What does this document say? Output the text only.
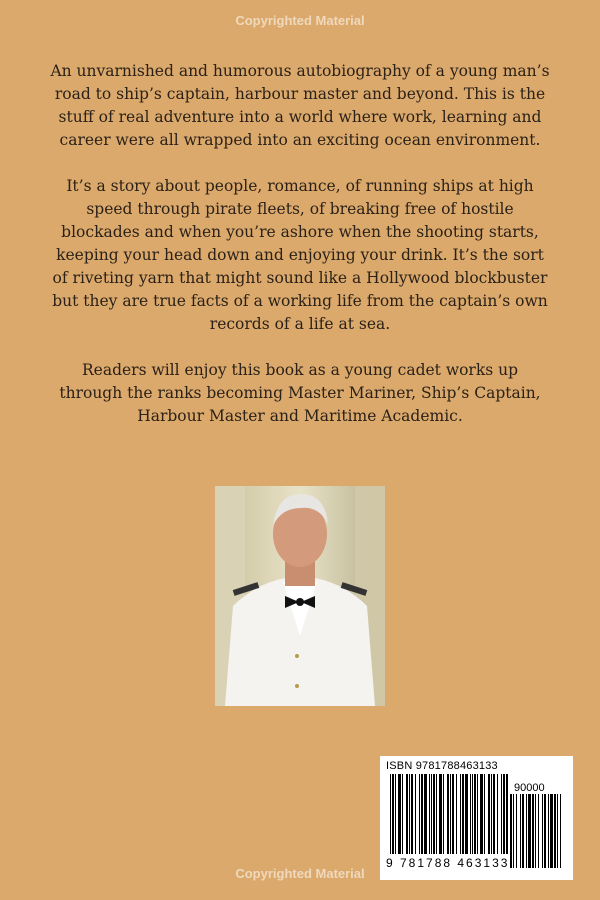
Copyrighted Material

An unvarnished and humorous autobiography of a young man’s road to ship’s captain, harbour master and beyond. This is the stuff of real adventure into a world where work, learning and career were all wrapped into an exciting ocean environment.

It’s a story about people, romance, of running ships at high speed through pirate fleets, of breaking free of hostile blockades and when you’re ashore when the shooting starts, keeping your head down and enjoying your drink. It’s the sort of riveting yarn that might sound like a Hollywood blockbuster but they are true facts of a working life from the captain’s own records of a life at sea.

Readers will enjoy this book as a young cadet works up through the ranks becoming Master Mariner, Ship’s Captain, Harbour Master and Maritime Academic.

ISBN 9781788463133
90000
9 781788 463133
Copyrighted Material
